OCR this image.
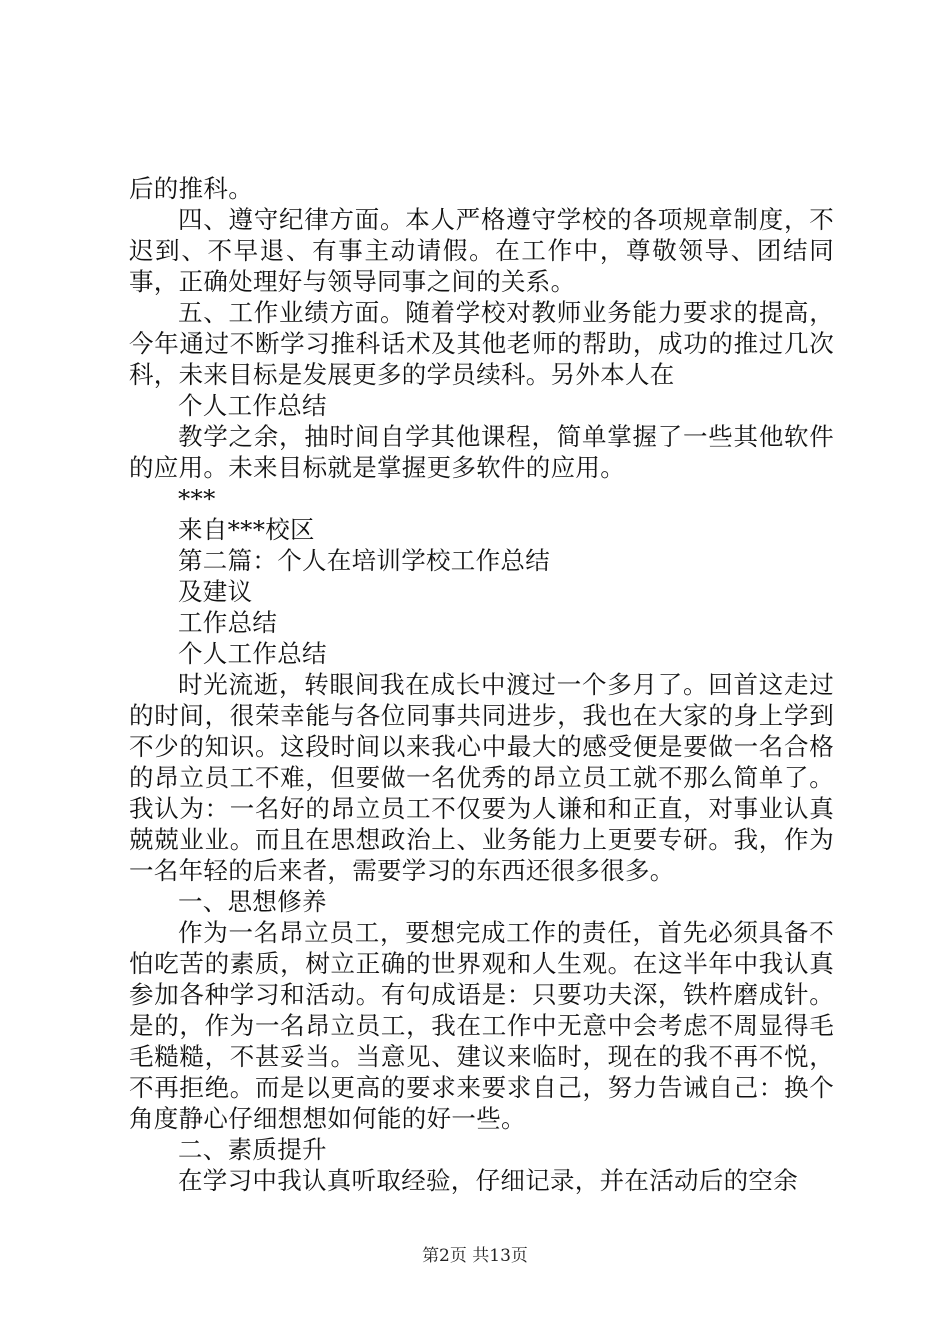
后的推科。

四、遵守纪律方面。本人严格遵守学校的各项规章制度，不迟到、不早退、有事主动请假。在工作中，尊敬领导、团结同事，正确处理好与领导同事之间的关系。

五、工作业绩方面。随着学校对教师业务能力要求的提高，今年通过不断学习推科话术及其他老师的帮助，成功的推过几次科，未来目标是发展更多的学员续科。另外本人在

个人工作总结

教学之余，抽时间自学其他课程，简单掌握了一些其他软件的应用。未来目标就是掌握更多软件的应用。

***

来自***校区

第二篇：个人在培训学校工作总结

及建议

工作总结

个人工作总结

时光流逝，转眼间我在成长中渡过一个多月了。回首这走过的时间，很荣幸能与各位同事共同进步，我也在大家的身上学到不少的知识。这段时间以来我心中最大的感受便是要做一名合格的昂立员工不难，但要做一名优秀的昂立员工就不那么简单了。我认为：一名好的昂立员工不仅要为人谦和和正直，对事业认真兢兢业业。而且在思想政治上、业务能力上更要专研。我，作为一名年轻的后来者，需要学习的东西还很多很多。

一、思想修养

作为一名昂立员工，要想完成工作的责任，首先必须具备不怕吃苦的素质，树立正确的世界观和人生观。在这半年中我认真参加各种学习和活动。有句成语是：只要功夫深，铁杵磨成针。是的，作为一名昂立员工，我在工作中无意中会考虑不周显得毛毛糙糙，不甚妥当。当意见、建议来临时，现在的我不再不悦，不再拒绝。而是以更高的要求来要求自己，努力告诫自己：换个角度静心仔细想想如何能的好一些。

二、素质提升

在学习中我认真听取经验，仔细记录，并在活动后的空余

第2页 共13页
